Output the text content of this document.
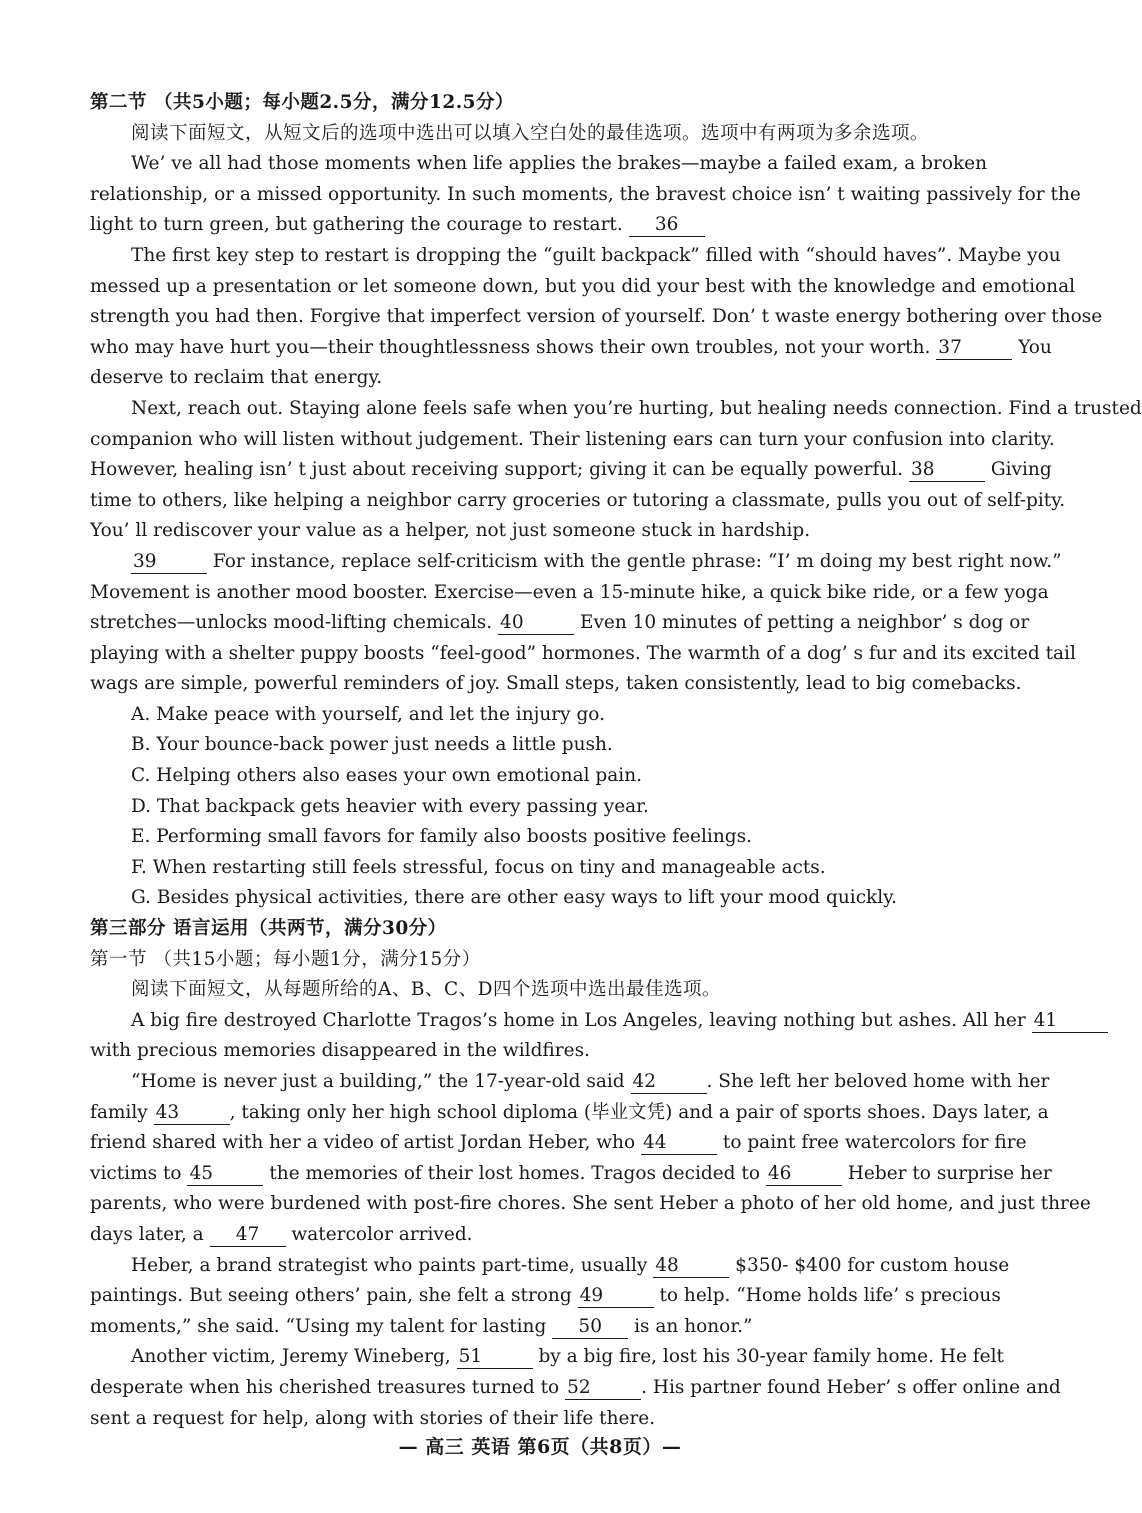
第二节 （共5小题；每小题2.5分，满分12.5分）
阅读下面短文，从短文后的选项中选出可以填入空白处的最佳选项。选项中有两项为多余选项。
We’ ve all had those moments when life applies the brakes—maybe a failed exam, a broken
relationship, or a missed opportunity. In such moments, the bravest choice isn’ t waiting passively for the
light to turn green, but gathering the courage to restart. 36
The first key step to restart is dropping the “guilt backpack” filled with “should haves”. Maybe you
messed up a presentation or let someone down, but you did your best with the knowledge and emotional
strength you had then. Forgive that imperfect version of yourself. Don’ t waste energy bothering over those
who may have hurt you—their thoughtlessness shows their own troubles, not your worth. 37	You
deserve to reclaim that energy.
Next, reach out. Staying alone feels safe when you’re hurting, but healing needs connection. Find a trusted
companion who will listen without judgement. Their listening ears can turn your confusion into clarity.
However, healing isn’ t just about receiving support; giving it can be equally powerful. 38	Giving
time to others, like helping a neighbor carry groceries or tutoring a classmate, pulls you out of self-pity.
You’ ll rediscover your value as a helper, not just someone stuck in hardship.
39	For instance, replace self-criticism with the gentle phrase: “I’ m doing my best right now.”
Movement is another mood booster. Exercise—even a 15-minute hike, a quick bike ride, or a few yoga
stretches—unlocks mood-lifting chemicals. 40	Even 10 minutes of petting a neighbor’ s dog or
playing with a shelter puppy boosts “feel-good” hormones. The warmth of a dog’ s fur and its excited tail
wags are simple, powerful reminders of joy. Small steps, taken consistently, lead to big comebacks.
A. Make peace with yourself, and let the injury go.
B. Your bounce-back power just needs a little push.
C. Helping others also eases your own emotional pain.
D. That backpack gets heavier with every passing year.
E. Performing small favors for family also boosts positive feelings.
F. When restarting still feels stressful, focus on tiny and manageable acts.
G. Besides physical activities, there are other easy ways to lift your mood quickly.
第三部分 语言运用（共两节，满分30分）
第一节 （共15小题；每小题1分，满分15分）
阅读下面短文，从每题所给的A、B、C、D四个选项中选出最佳选项。
A big fire destroyed Charlotte Tragos’s home in Los Angeles, leaving nothing but ashes. All her 41
with precious memories disappeared in the wildfires.
“Home is never just a building,” the 17-year-old said 42	. She left her beloved home with her
family 43	, taking only her high school diploma (毕业文凭) and a pair of sports shoes. Days later, a
friend shared with her a video of artist Jordan Heber, who 44	to paint free watercolors for fire
victims to 45	the memories of their lost homes. Tragos decided to 46	Heber to surprise her
parents, who were burdened with post-fire chores. She sent Heber a photo of her old home, and just three
days later, a 47 watercolor arrived.
Heber, a brand strategist who paints part-time, usually 48	$350- $400 for custom house
paintings. But seeing others’ pain, she felt a strong 49	to help. “Home holds life’ s precious
moments,” she said. “Using my talent for lasting 50 is an honor.”
Another victim, Jeremy Wineberg, 51	by a big fire, lost his 30-year family home. He felt
desperate when his cherished treasures turned to 52	. His partner found Heber’ s offer online and
sent a request for help, along with stories of their life there.
— 高三 英语 第6页（共8页）—
